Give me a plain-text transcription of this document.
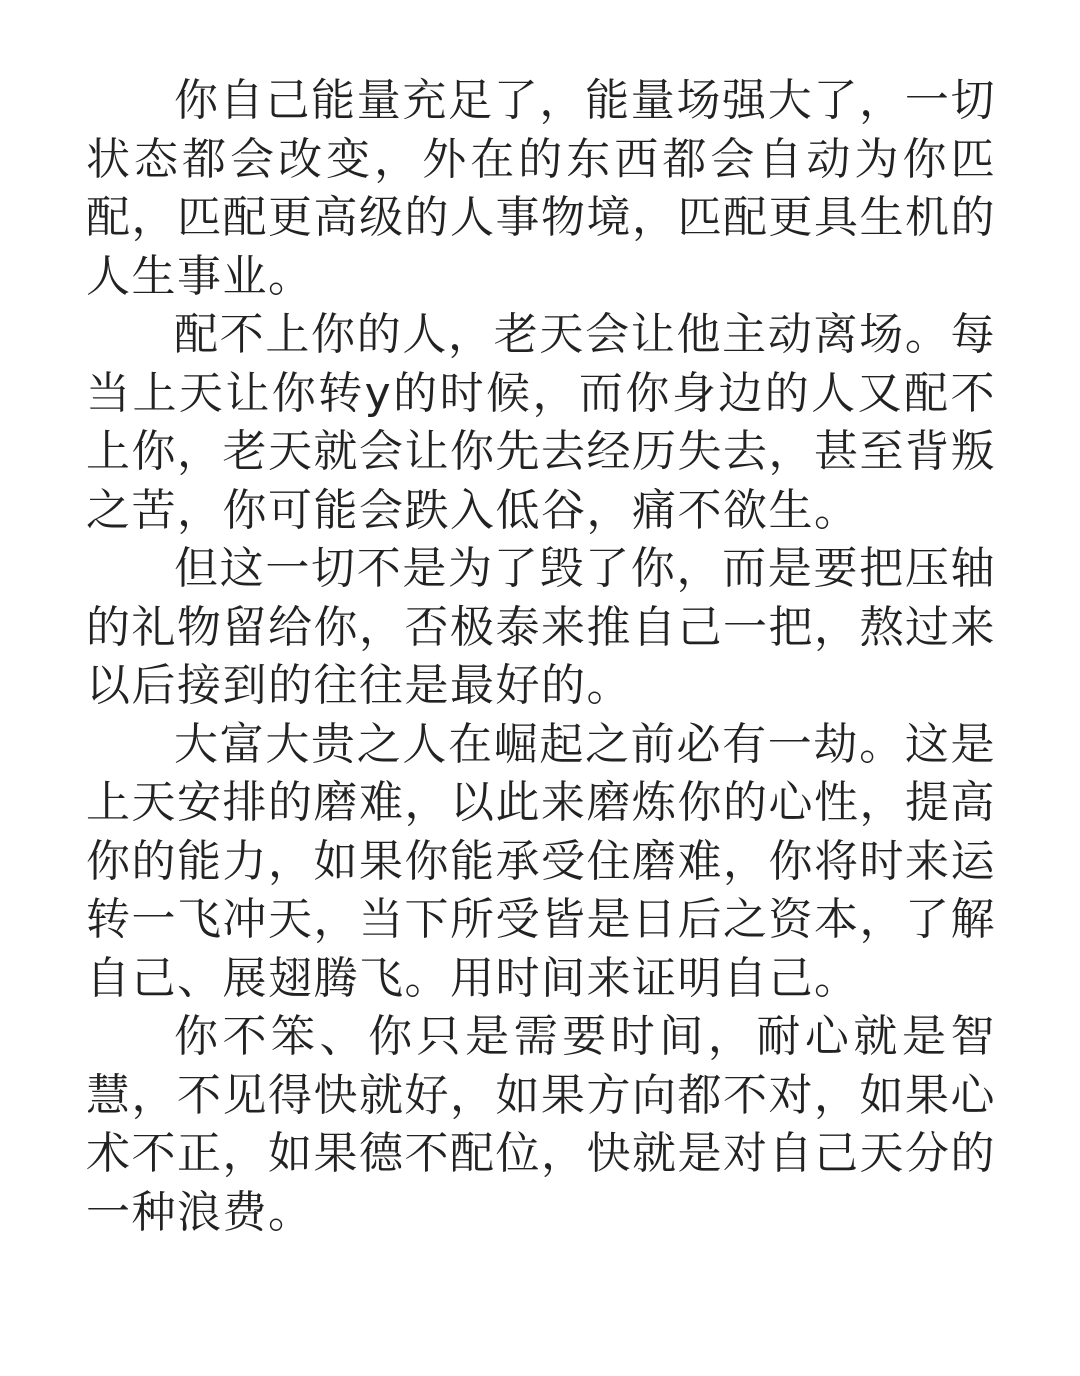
你自己能量充足了，能量场强大了，一切状态都会改变，外在的东西都会自动为你匹配，匹配更高级的人事物境，匹配更具生机的人生事业。

配不上你的人，老天会让他主动离场。每当上天让你转y的时候，而你身边的人又配不上你，老天就会让你先去经历失去，甚至背叛之苦，你可能会跌入低谷，痛不欲生。

但这一切不是为了毁了你，而是要把压轴的礼物留给你，否极泰来推自己一把，熬过来以后接到的往往是最好的。

大富大贵之人在崛起之前必有一劫。这是上天安排的磨难，以此来磨炼你的心性，提高你的能力，如果你能承受住磨难，你将时来运转一飞冲天，当下所受皆是日后之资本，了解自己、展翅腾飞。用时间来证明自己。

你不笨、你只是需要时间，耐心就是智慧，不见得快就好，如果方向都不对，如果心术不正，如果德不配位，快就是对自己天分的一种浪费。
